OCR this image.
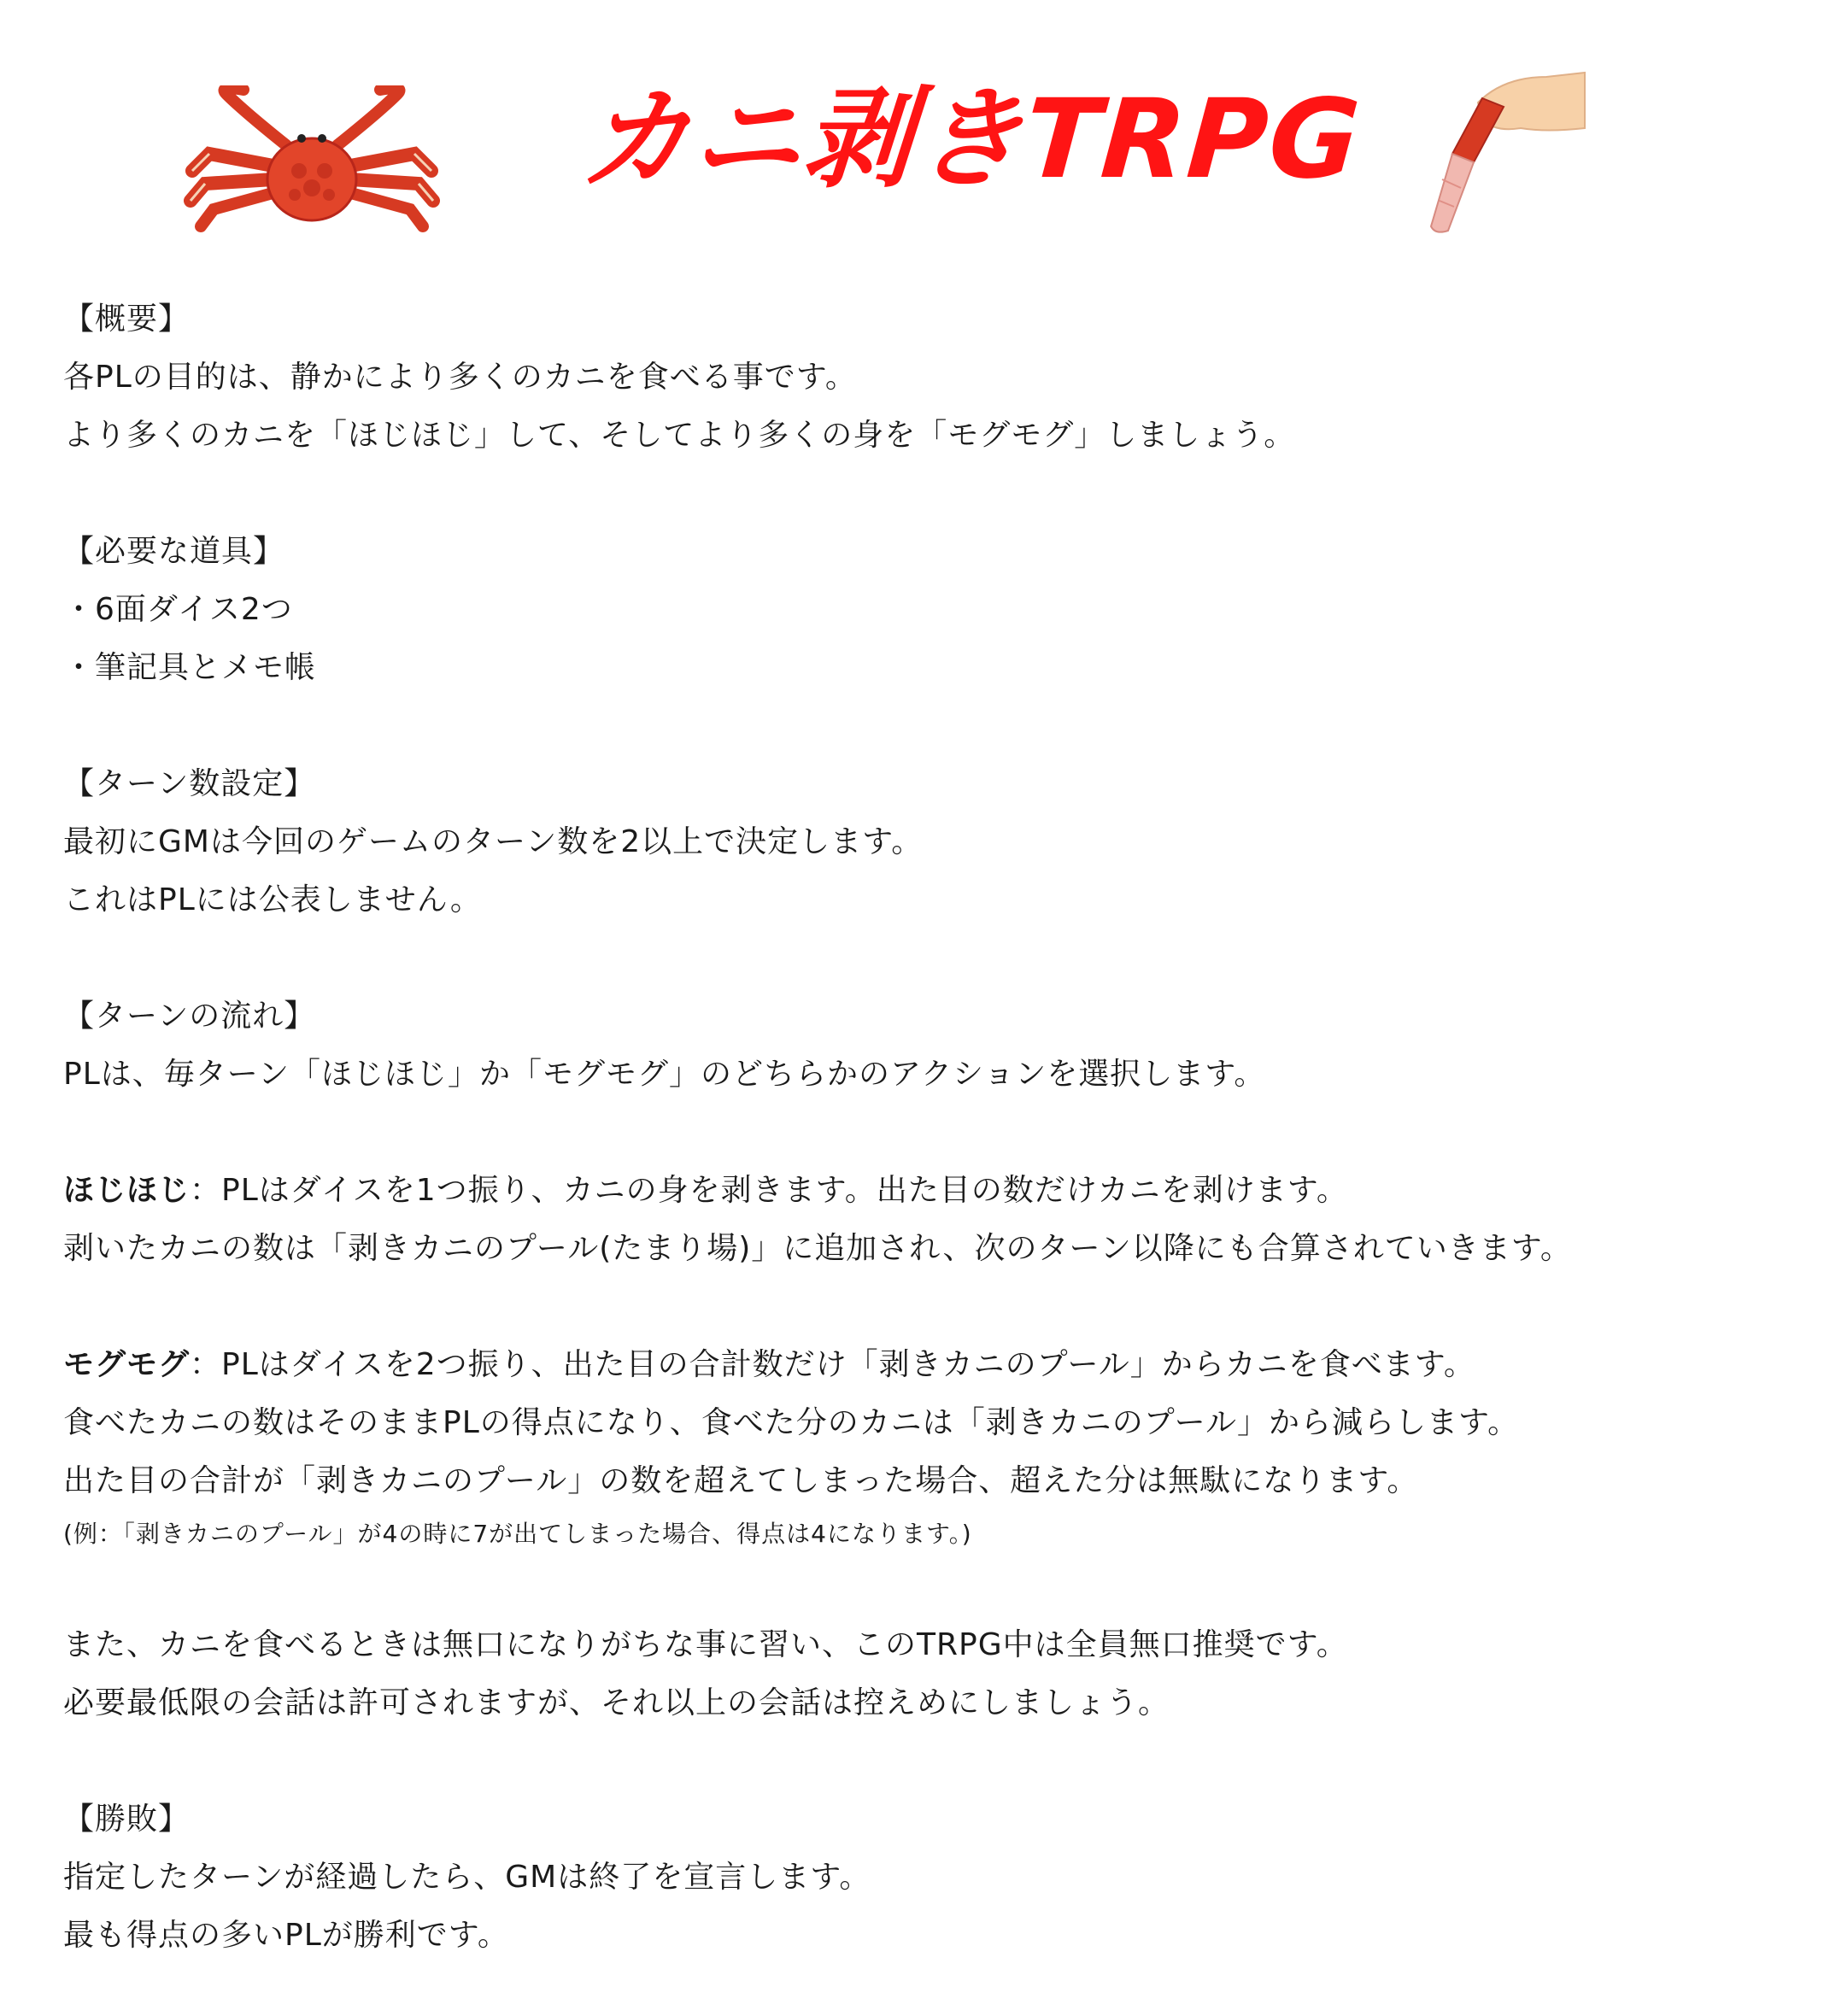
カニ剥きTRPG
【概要】
各PLの目的は、静かにより多くのカニを食べる事です。
より多くのカニを「ほじほじ」して、そしてより多くの身を「モグモグ」しましょう。
【必要な道具】
・6面ダイス2つ
・筆記具とメモ帳
【ターン数設定】
最初にGMは今回のゲームのターン数を2以上で決定します。
これはPLには公表しません。
【ターンの流れ】
PLは、毎ターン「ほじほじ」か「モグモグ」のどちらかのアクションを選択します。
ほじほじ：PLはダイスを1つ振り、カニの身を剥きます。出た目の数だけカニを剥けます。
剥いたカニの数は「剥きカニのプール(たまり場)」に追加され、次のターン以降にも合算されていきます。
モグモグ：PLはダイスを2つ振り、出た目の合計数だけ「剥きカニのプール」からカニを食べます。
食べたカニの数はそのままPLの得点になり、食べた分のカニは「剥きカニのプール」から減らします。
出た目の合計が「剥きカニのプール」の数を超えてしまった場合、超えた分は無駄になります。
(例：「剥きカニのプール」が4の時に7が出てしまった場合、得点は4になります。)
また、カニを食べるときは無口になりがちな事に習い、このTRPG中は全員無口推奨です。
必要最低限の会話は許可されますが、それ以上の会話は控えめにしましょう。
【勝敗】
指定したターンが経過したら、GMは終了を宣言します。
最も得点の多いPLが勝利です。
